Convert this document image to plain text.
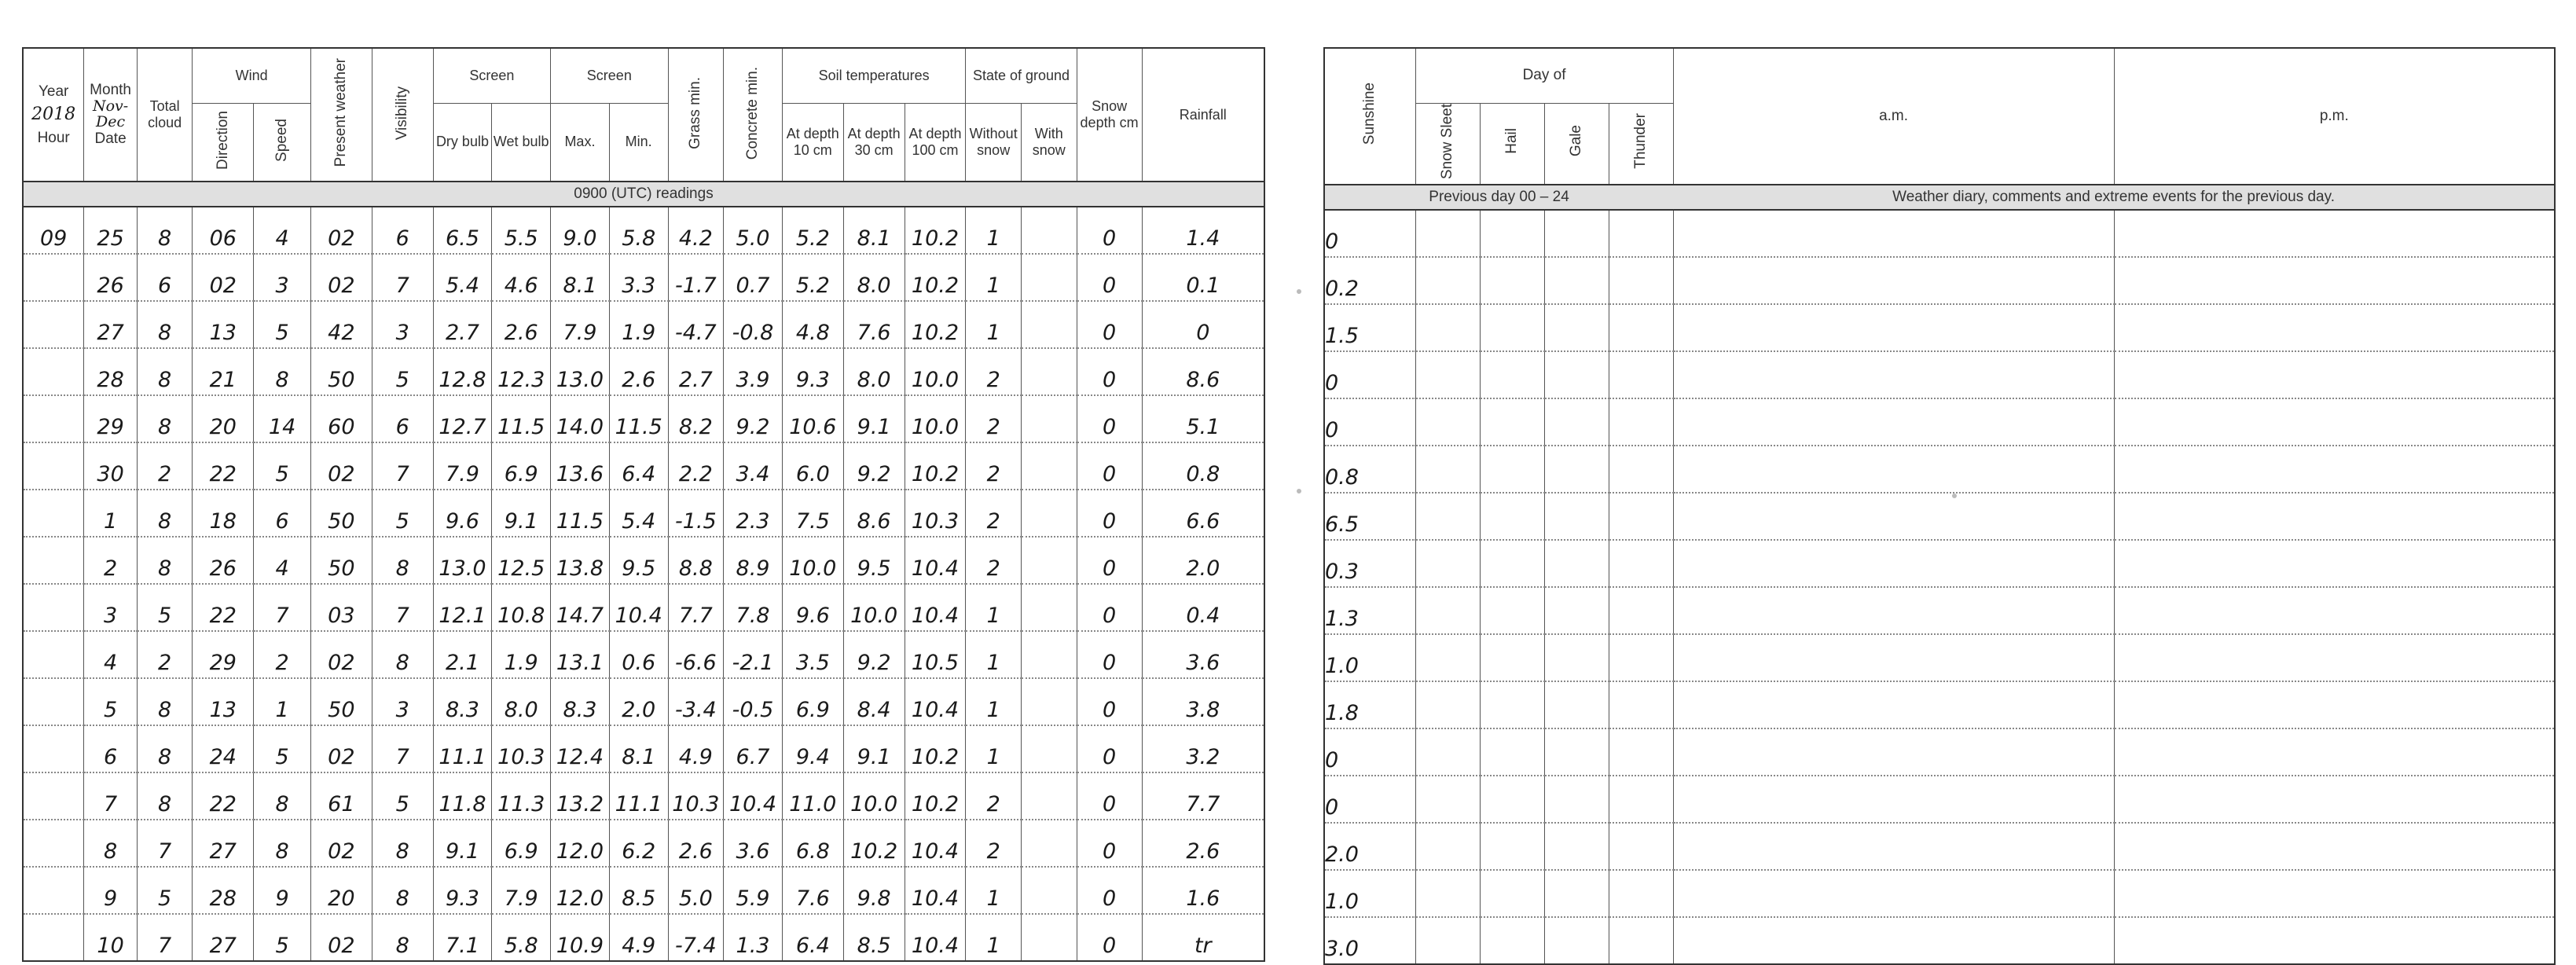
Year
2018
Hour	Month
Nov-Dec
Date	Total cloud	Wind		Present weather	Visibility	Screen		Screen		Grass min.	Concrete min.	Soil temperatures			State of ground		Snow depth cm	Rainfall
			Direction	Speed			Dry bulb	Wet bulb	Max.	Min.			At depth 10 cm	At depth 30 cm	At depth 100 cm	Without snow	With snow		
0900 (UTC) readings																			
09	25	8	06	4	02	6	6.5	5.5	9.0	5.8	4.2	5.0	5.2	8.1	10.2	1		0	1.4
	26	6	02	3	02	7	5.4	4.6	8.1	3.3	-1.7	0.7	5.2	8.0	10.2	1		0	0.1
	27	8	13	5	42	3	2.7	2.6	7.9	1.9	-4.7	-0.8	4.8	7.6	10.2	1		0	0
	28	8	21	8	50	5	12.8	12.3	13.0	2.6	2.7	3.9	9.3	8.0	10.0	2		0	8.6
	29	8	20	14	60	6	12.7	11.5	14.0	11.5	8.2	9.2	10.6	9.1	10.0	2		0	5.1
	30	2	22	5	02	7	7.9	6.9	13.6	6.4	2.2	3.4	6.0	9.2	10.2	2		0	0.8
	1	8	18	6	50	5	9.6	9.1	11.5	5.4	-1.5	2.3	7.5	8.6	10.3	2		0	6.6
	2	8	26	4	50	8	13.0	12.5	13.8	9.5	8.8	8.9	10.0	9.5	10.4	2		0	2.0
	3	5	22	7	03	7	12.1	10.8	14.7	10.4	7.7	7.8	9.6	10.0	10.4	1		0	0.4
	4	2	29	2	02	8	2.1	1.9	13.1	0.6	-6.6	-2.1	3.5	9.2	10.5	1		0	3.6
	5	8	13	1	50	3	8.3	8.0	8.3	2.0	-3.4	-0.5	6.9	8.4	10.4	1		0	3.8
	6	8	24	5	02	7	11.1	10.3	12.4	8.1	4.9	6.7	9.4	9.1	10.2	1		0	3.2
	7	8	22	8	61	5	11.8	11.3	13.2	11.1	10.3	10.4	11.0	10.0	10.2	2		0	7.7
	8	7	27	8	02	8	9.1	6.9	12.0	6.2	2.6	3.6	6.8	10.2	10.4	2		0	2.6
	9	5	28	9	20	8	9.3	7.9	12.0	8.5	5.0	5.9	7.6	9.8	10.4	1		0	1.6
	10	7	27	5	02	8	7.1	5.8	10.9	4.9	-7.4	1.3	6.4	8.5	10.4	1		0	tr
Sunshine	Day of				a.m.	p.m.
	Snow Sleet	Hail	Gale	Thunder		
Previous day 00 – 24					Weather diary, comments and extreme events for the previous day.	
0						
0.2						
1.5						
0						
0						
0.8						
6.5						
0.3						
1.3						
1.0						
1.8						
0						
0						
2.0						
1.0						
3.0						
